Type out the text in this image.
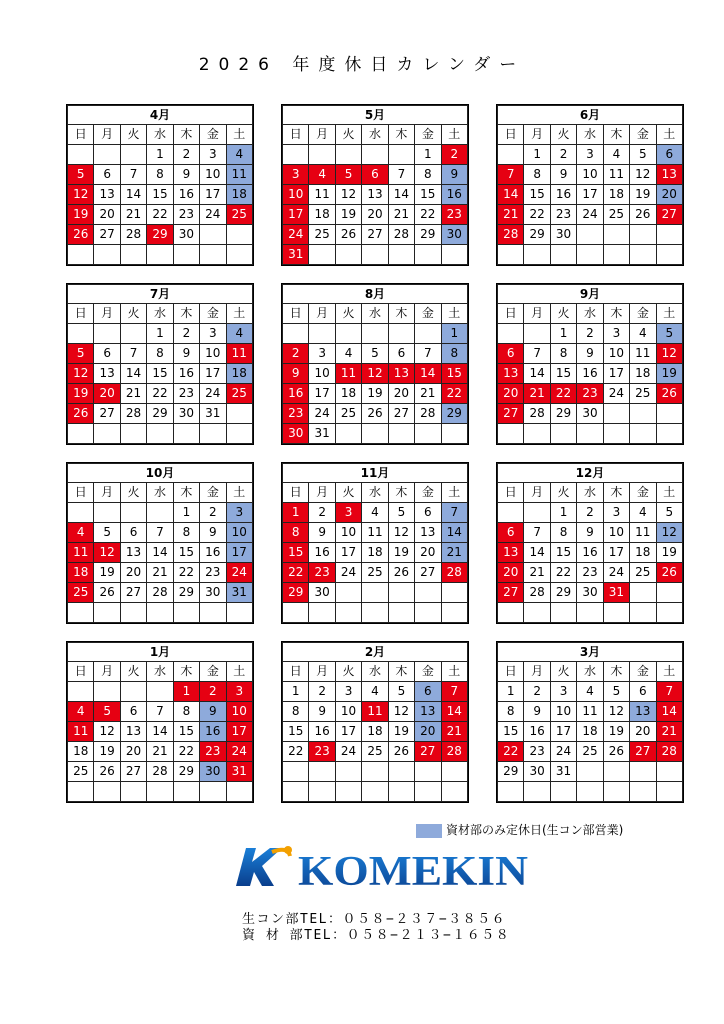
2026 年度休日カレンダー
4月						
日	月	火	水	木	金	土
			1	2	3	4
5	6	7	8	9	10	11
12	13	14	15	16	17	18
19	20	21	22	23	24	25
26	27	28	29	30		

5月						
日	月	火	水	木	金	土
					1	2
3	4	5	6	7	8	9
10	11	12	13	14	15	16
17	18	19	20	21	22	23
24	25	26	27	28	29	30
31						
6月						
日	月	火	水	木	金	土
	1	2	3	4	5	6
7	8	9	10	11	12	13
14	15	16	17	18	19	20
21	22	23	24	25	26	27
28	29	30				

7月						
日	月	火	水	木	金	土
			1	2	3	4
5	6	7	8	9	10	11
12	13	14	15	16	17	18
19	20	21	22	23	24	25
26	27	28	29	30	31	

8月						
日	月	火	水	木	金	土
						1
2	3	4	5	6	7	8
9	10	11	12	13	14	15
16	17	18	19	20	21	22
23	24	25	26	27	28	29
30	31					
9月						
日	月	火	水	木	金	土
		1	2	3	4	5
6	7	8	9	10	11	12
13	14	15	16	17	18	19
20	21	22	23	24	25	26
27	28	29	30			

10月						
日	月	火	水	木	金	土
				1	2	3
4	5	6	7	8	9	10
11	12	13	14	15	16	17
18	19	20	21	22	23	24
25	26	27	28	29	30	31

11月						
日	月	火	水	木	金	土
1	2	3	4	5	6	7
8	9	10	11	12	13	14
15	16	17	18	19	20	21
22	23	24	25	26	27	28
29	30					

12月						
日	月	火	水	木	金	土
		1	2	3	4	5
6	7	8	9	10	11	12
13	14	15	16	17	18	19
20	21	22	23	24	25	26
27	28	29	30	31		

1月						
日	月	火	水	木	金	土
				1	2	3
4	5	6	7	8	9	10
11	12	13	14	15	16	17
18	19	20	21	22	23	24
25	26	27	28	29	30	31

2月						
日	月	火	水	木	金	土
1	2	3	4	5	6	7
8	9	10	11	12	13	14
15	16	17	18	19	20	21
22	23	24	25	26	27	28

3月						
日	月	火	水	木	金	土
1	2	3	4	5	6	7
8	9	10	11	12	13	14
15	16	17	18	19	20	21
22	23	24	25	26	27	28
29	30	31				

資材部のみ定休日(生コン部営業)
KOMEKIN
生コン部TEL：０５８−２３７−３８５６
資 材 部TEL：０５８−２１３−１６５８
